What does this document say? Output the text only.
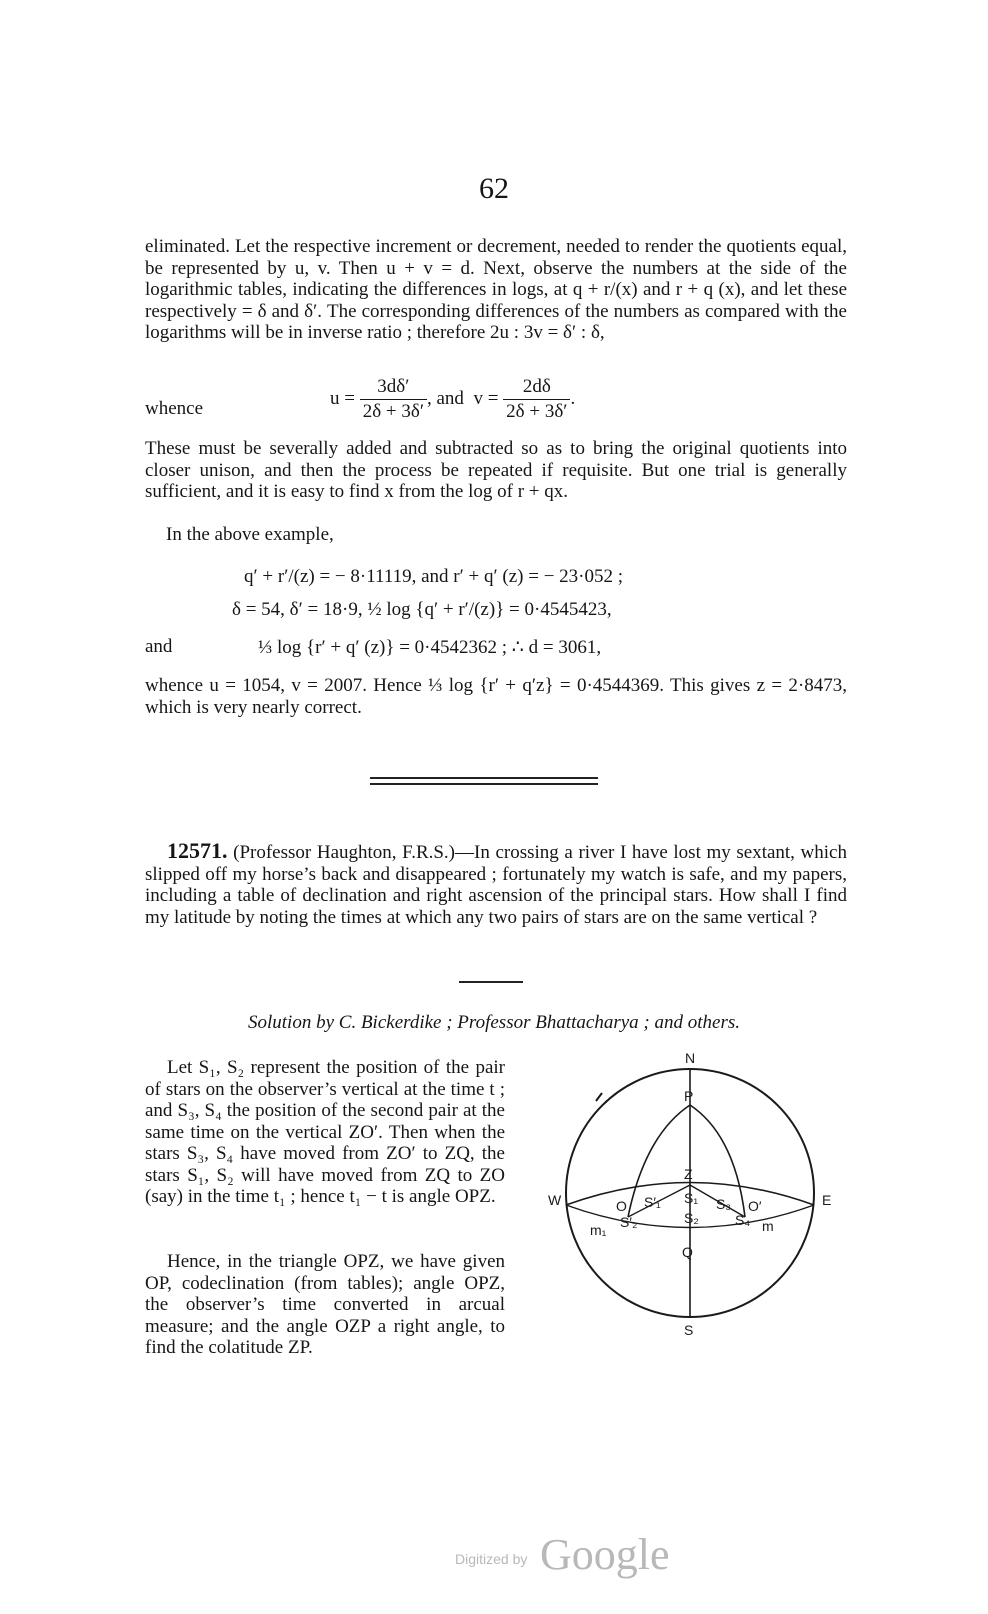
62
eliminated. Let the respective increment or decrement, needed to render the quotients equal, be represented by u, v. Then u + v = d. Next, observe the numbers at the side of the logarithmic tables, indicating the differences in logs, at q + r/(x) and r + q (x), and let these respectively = δ and δ′. The corresponding differences of the numbers as compared with the logarithms will be in inverse ratio ; therefore 2u : 3v = δ′ : δ,
whence	$u = \frac{3d\delta'}{2\delta + 3\delta'}$ , and $v = \frac{2d\delta}{2\delta + 3\delta'}$ .
These must be severally added and subtracted so as to bring the original quotients into closer unison, and then the process be repeated if requisite. But one trial is generally sufficient, and it is easy to find x from the log of r + qx.
In the above example,
q′ + r′/(z) = − 8·11119, and r′ + q′ (z) = − 23·052 ;
δ = 54, δ′ = 18·9, ½ log {q′ + r′/(z)} = 0·4545423,
and	⅓ log {r′ + q′ (z)} = 0·4542362 ; ∴ d = 3061,
whence u = 1054, v = 2007. Hence ⅓ log {r′ + q′z} = 0·4544369. This gives z = 2·8473, which is very nearly correct.
12571. (Professor Haughton, F.R.S.)—In crossing a river I have lost my sextant, which slipped off my horse’s back and disappeared ; fortunately my watch is safe, and my papers, including a table of declination and right ascension of the principal stars. How shall I find my latitude by noting the times at which any two pairs of stars are on the same vertical ?
Solution by C. Bickerdike ; Professor Bhattacharya ; and others.
Let S₁, S₂ represent the position of the pair of stars on the observer’s vertical at the time t ; and S₃, S₄ the position of the second pair at the same time on the vertical ZO′. Then when the stars S₃, S₄ have moved from ZO′ to ZQ, the stars S₁, S₂ will have moved from ZQ to ZO (say) in the time t₁ ; hence t₁ − t is angle OPZ.
Hence, in the triangle OPZ, we have given OP, codeclination (from tables); angle OPZ, the observer’s time converted in arcual measure; and the angle OZP a right angle, to find the colatitude ZP.
N
P
Z
W	E
S
O	O′
Q
S′₁
S′₂
S₁
S₂
S₃
S₄
m₁	m
Digitized by Google
